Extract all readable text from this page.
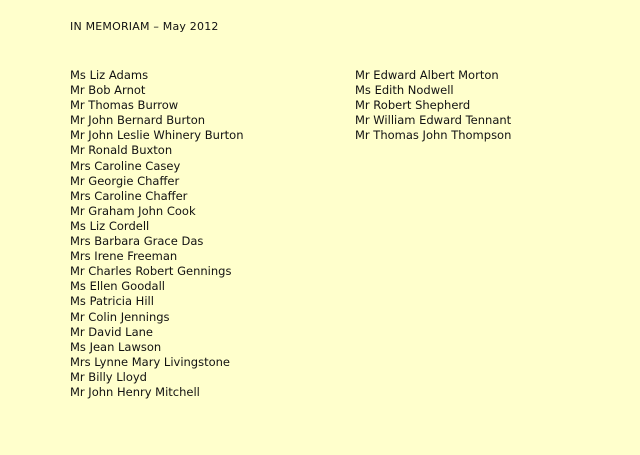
IN MEMORIAM – May 2012
Ms Liz Adams
Mr Bob Arnot
Mr Thomas Burrow
Mr John Bernard Burton
Mr John Leslie Whinery Burton
Mr Ronald Buxton
Mrs Caroline Casey
Mr Georgie Chaffer
Mrs Caroline Chaffer
Mr Graham John Cook
Ms Liz Cordell
Mrs Barbara Grace Das
Mrs Irene Freeman
Mr Charles Robert Gennings
Ms Ellen Goodall
Ms Patricia Hill
Mr Colin Jennings
Mr David Lane
Ms Jean Lawson
Mrs Lynne Mary Livingstone
Mr Billy Lloyd
Mr John Henry Mitchell
Mr Edward Albert Morton
Ms Edith Nodwell
Mr Robert Shepherd
Mr William Edward Tennant
Mr Thomas John Thompson
